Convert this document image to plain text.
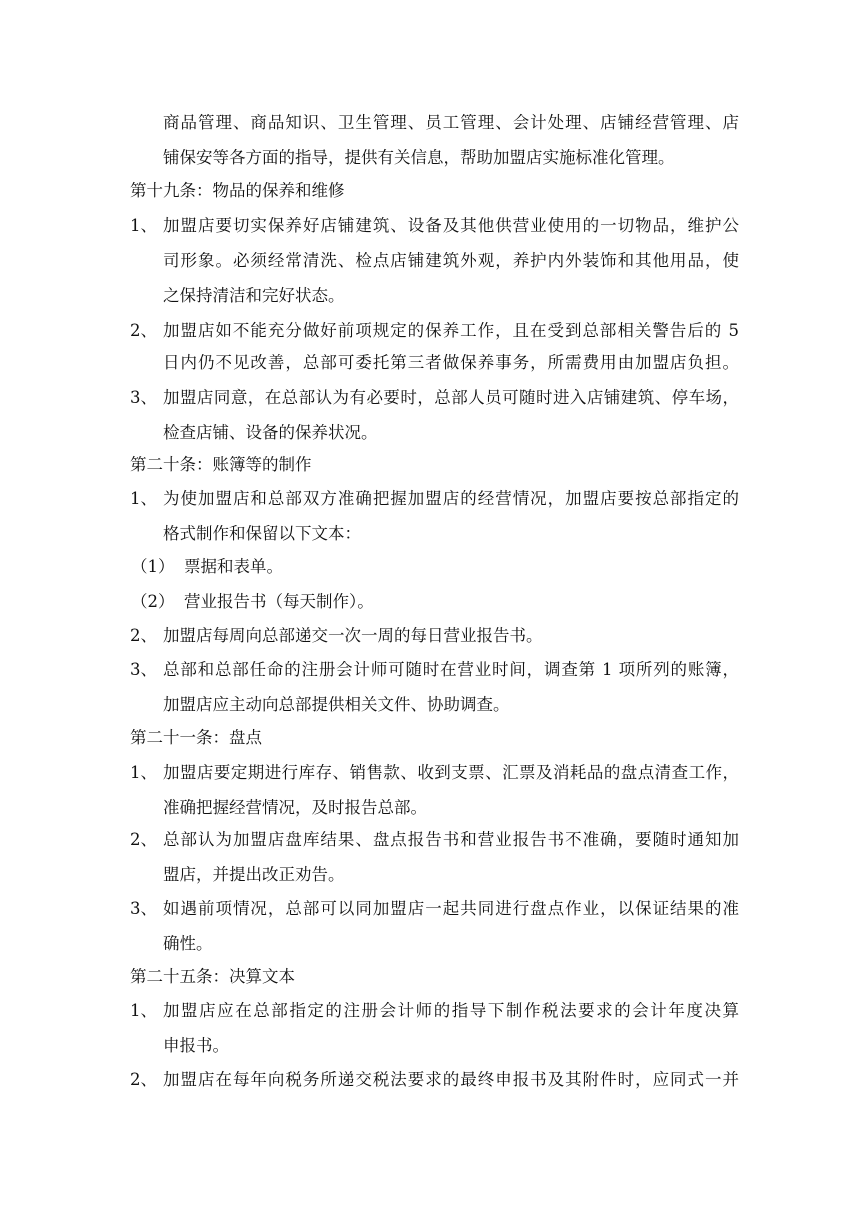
商品管理、商品知识、卫生管理、员工管理、会计处理、店铺经营管理、店
铺保安等各方面的指导，提供有关信息，帮助加盟店实施标准化管理。
第十九条：物品的保养和维修
1、 加盟店要切实保养好店铺建筑、设备及其他供营业使用的一切物品，维护公
司形象。必须经常清洗、检点店铺建筑外观，养护内外装饰和其他用品，使
之保持清洁和完好状态。
2、 加盟店如不能充分做好前项规定的保养工作，且在受到总部相关警告后的 5
日内仍不见改善，总部可委托第三者做保养事务，所需费用由加盟店负担。
3、 加盟店同意，在总部认为有必要时，总部人员可随时进入店铺建筑、停车场，
检查店铺、设备的保养状况。
第二十条：账簿等的制作
1、 为使加盟店和总部双方准确把握加盟店的经营情况，加盟店要按总部指定的
格式制作和保留以下文本：
（1） 票据和表单。
（2） 营业报告书（每天制作）。
2、 加盟店每周向总部递交一次一周的每日营业报告书。
3、 总部和总部任命的注册会计师可随时在营业时间，调查第 1 项所列的账簿，
加盟店应主动向总部提供相关文件、协助调查。
第二十一条：盘点
1、 加盟店要定期进行库存、销售款、收到支票、汇票及消耗品的盘点清查工作，
准确把握经营情况，及时报告总部。
2、 总部认为加盟店盘库结果、盘点报告书和营业报告书不准确，要随时通知加
盟店，并提出改正劝告。
3、 如遇前项情况，总部可以同加盟店一起共同进行盘点作业，以保证结果的准
确性。
第二十五条：决算文本
1、 加盟店应在总部指定的注册会计师的指导下制作税法要求的会计年度决算
申报书。
2、 加盟店在每年向税务所递交税法要求的最终申报书及其附件时，应同式一并
